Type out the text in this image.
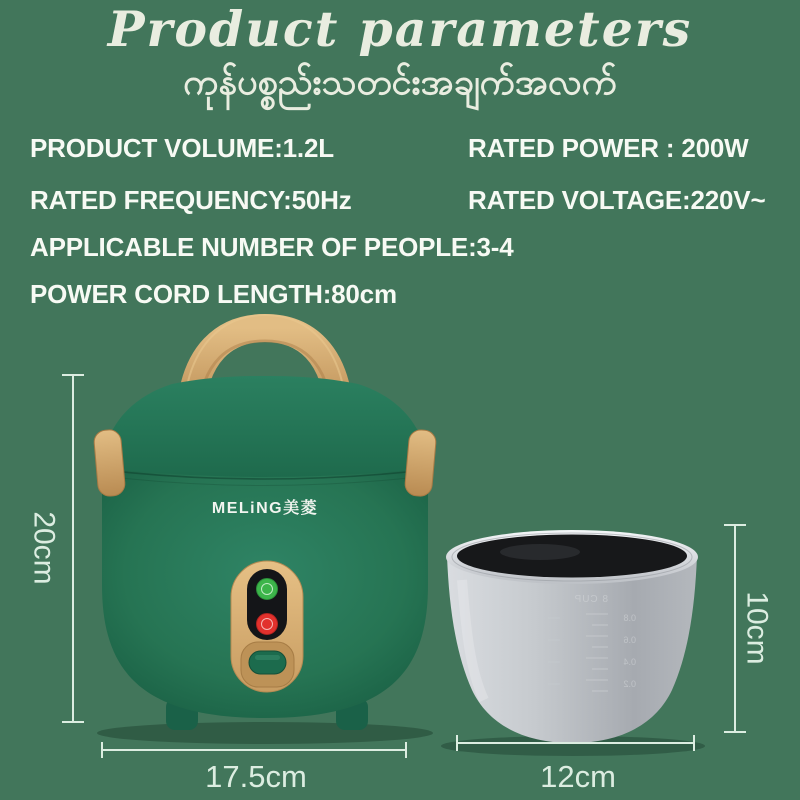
Product parameters
ကုန်ပစ္စည်းသတင်းအချက်အလက်
PRODUCT VOLUME:1.2L	RATED POWER : 200W
RATED FREQUENCY:50Hz	RATED VOLTAGE:220V~
APPLICABLE NUMBER OF PEOPLE:3-4
POWER CORD LENGTH:80cm
MELiNG美菱
8 CUP
0.8
0.6
0.4
0.2
20cm
17.5cm
10cm
12cm
